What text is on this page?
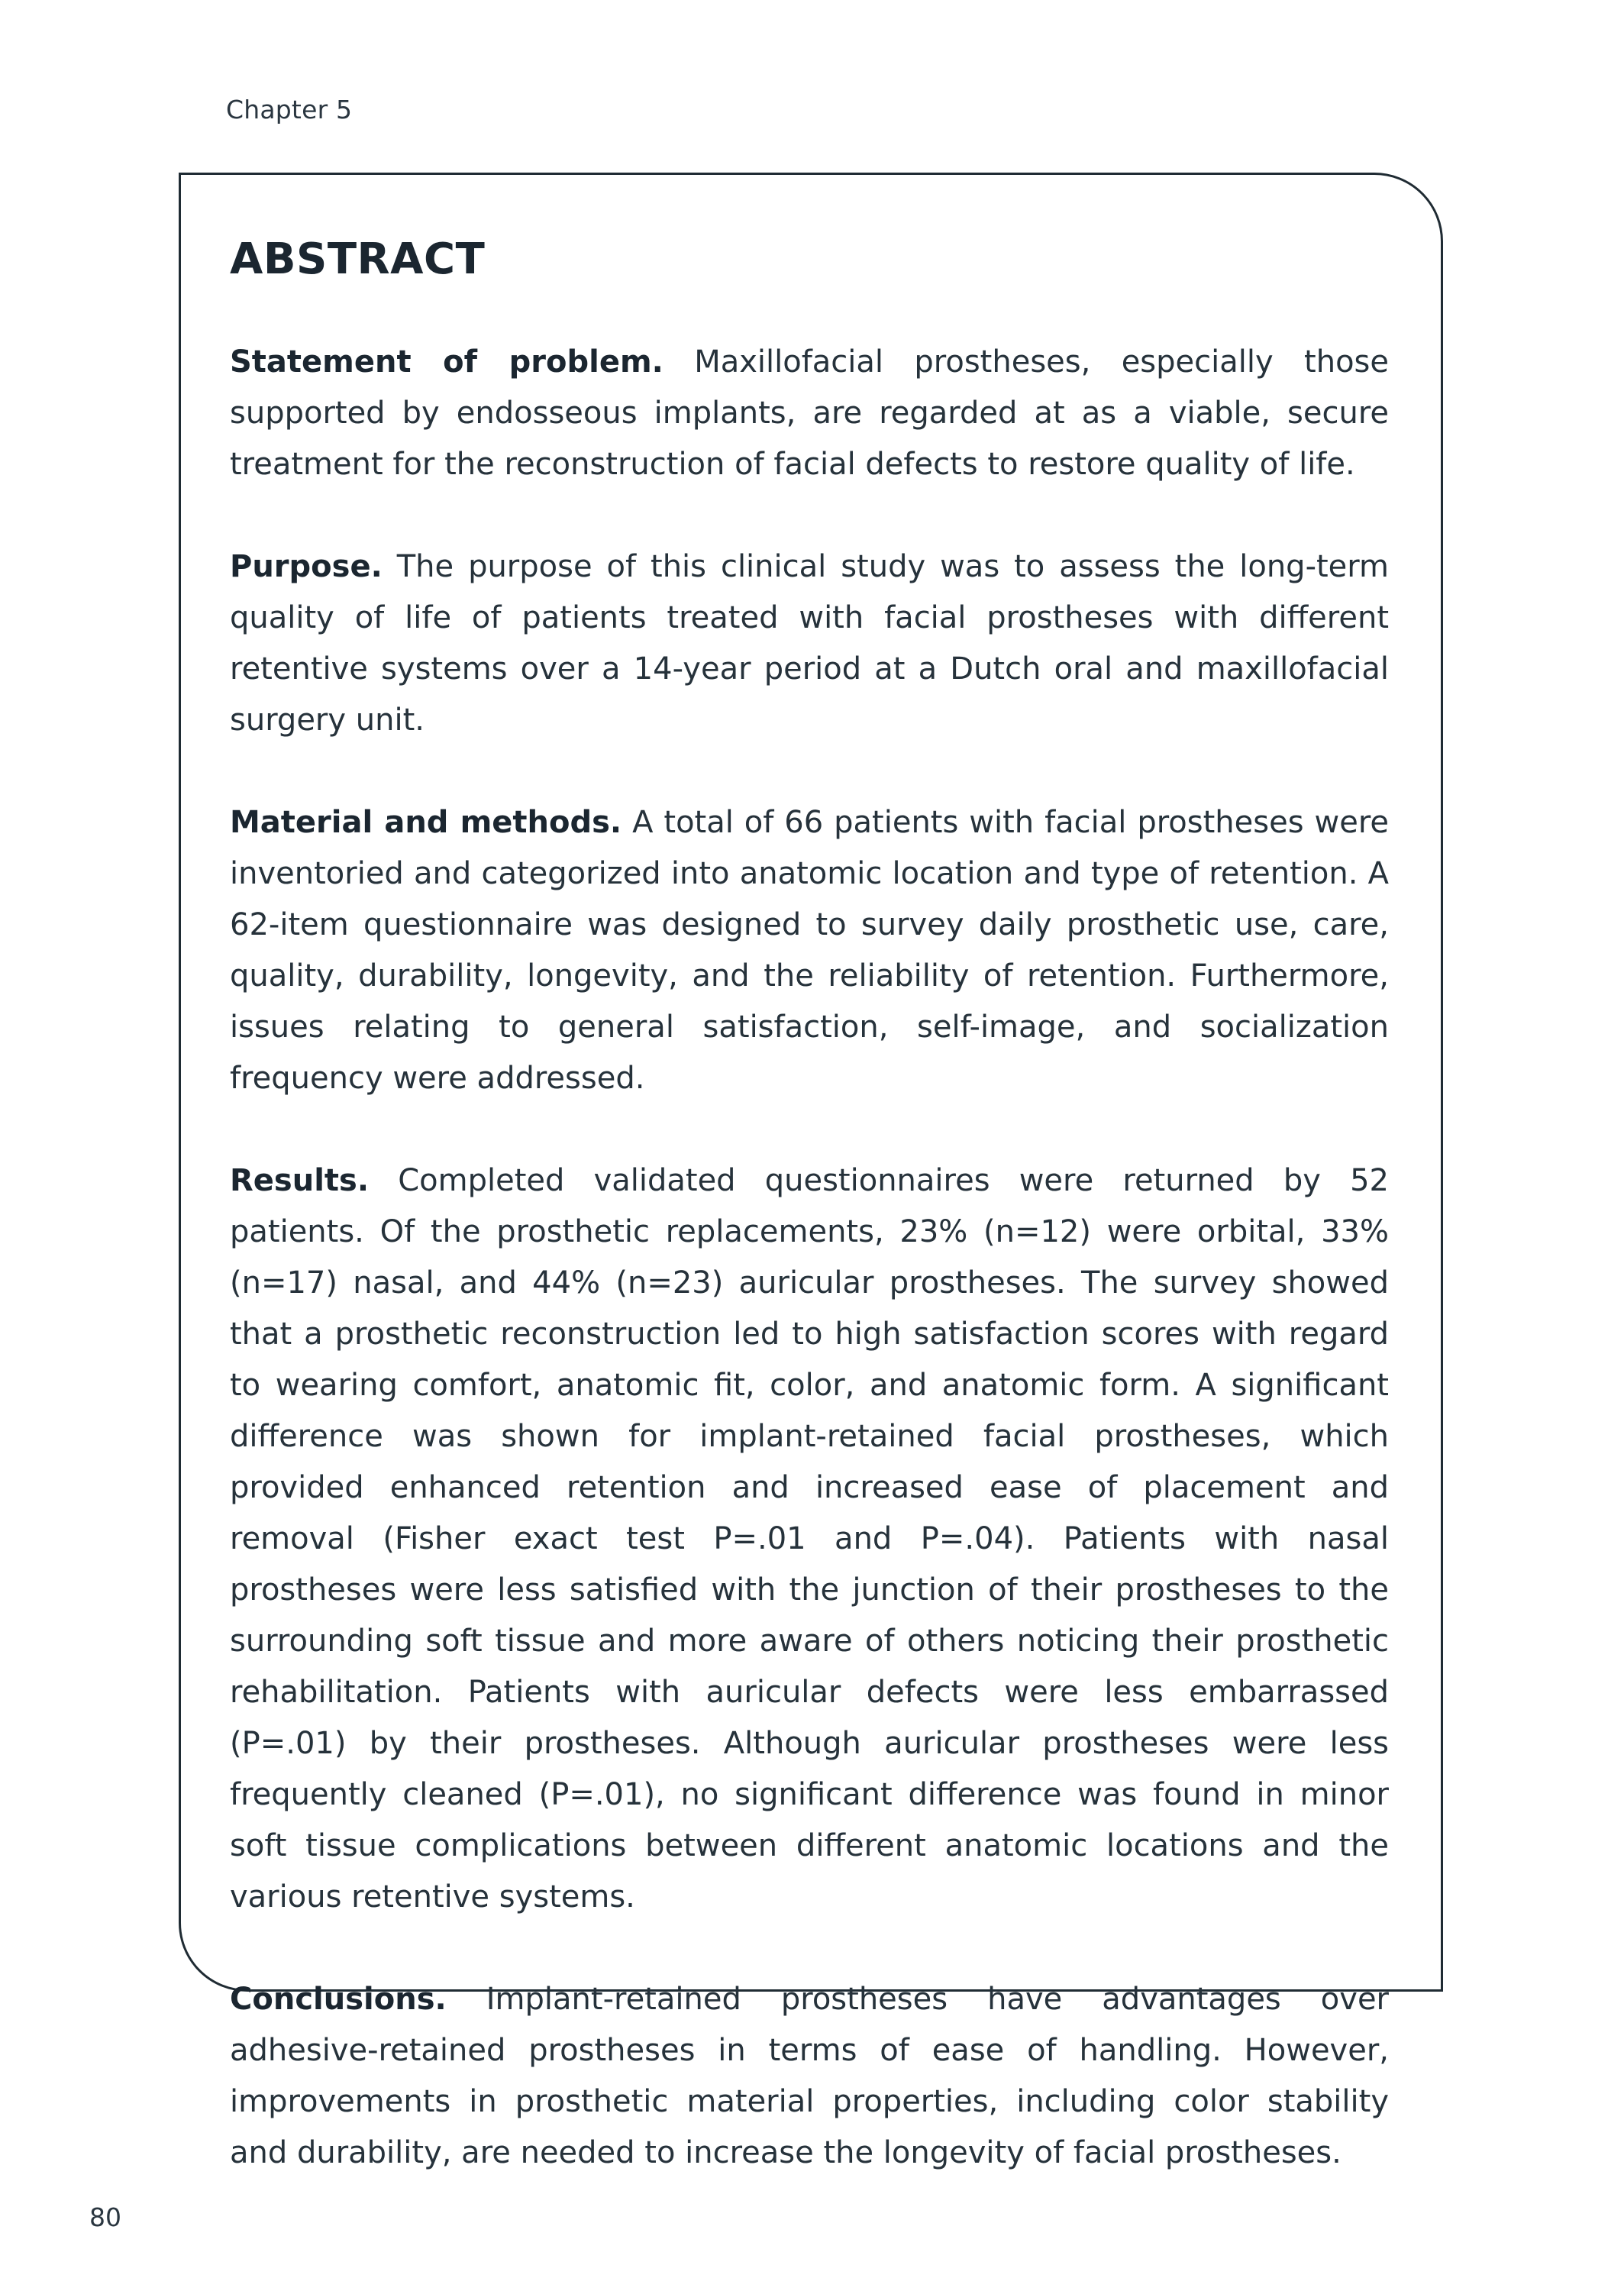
Chapter 5
ABSTRACT

Statement of problem. Maxillofacial prostheses, especially those supported by endosseous implants, are regarded at as a viable, secure treatment for the reconstruction of facial defects to restore quality of life.

Purpose. The purpose of this clinical study was to assess the long-term quality of life of patients treated with facial prostheses with different retentive systems over a 14-year period at a Dutch oral and maxillofacial surgery unit.

Material and methods. A total of 66 patients with facial prostheses were inventoried and categorized into anatomic location and type of retention. A 62-item questionnaire was designed to survey daily prosthetic use, care, quality, durability, longevity, and the reliability of retention. Furthermore, issues relating to general satisfaction, self-image, and socialization frequency were addressed.

Results. Completed validated questionnaires were returned by 52 patients. Of the prosthetic replacements, 23% (n=12) were orbital, 33% (n=17) nasal, and 44% (n=23) auricular prostheses. The survey showed that a prosthetic reconstruction led to high satisfaction scores with regard to wearing comfort, anatomic fit, color, and anatomic form. A significant difference was shown for implant-retained facial prostheses, which provided enhanced retention and increased ease of placement and removal (Fisher exact test P=.01 and P=.04). Patients with nasal prostheses were less satisfied with the junction of their prostheses to the surrounding soft tissue and more aware of others noticing their prosthetic rehabilitation. Patients with auricular defects were less embarrassed (P=.01) by their prostheses. Although auricular prostheses were less frequently cleaned (P=.01), no significant difference was found in minor soft tissue complications between different anatomic locations and the various retentive systems.

Conclusions. Implant-retained prostheses have advantages over adhesive-retained prostheses in terms of ease of handling. However, improvements in prosthetic material properties, including color stability and durability, are needed to increase the longevity of facial prostheses.

80
